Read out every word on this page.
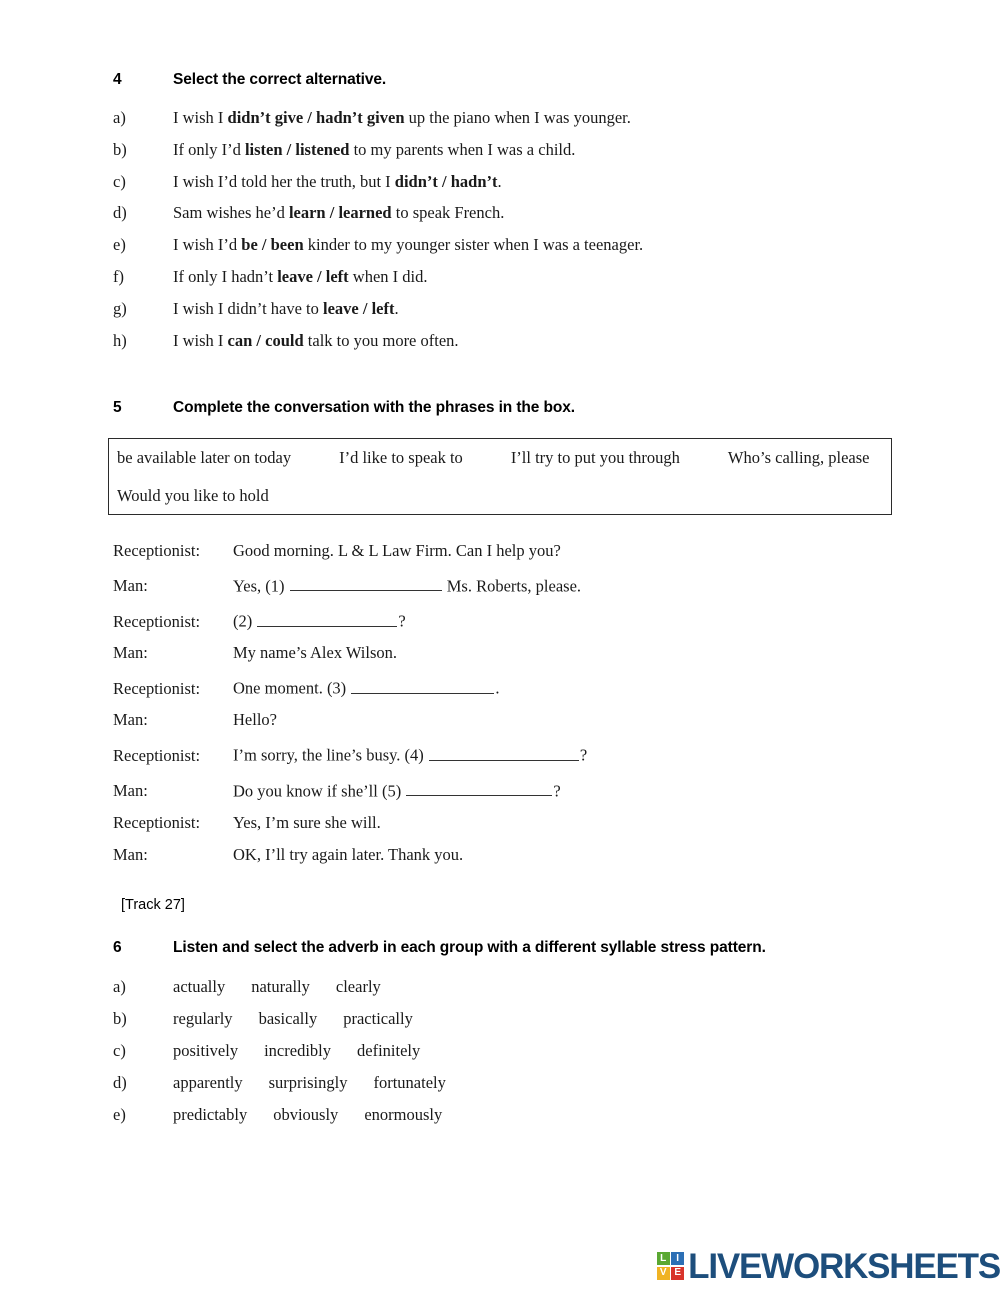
4	Select the correct alternative.
a)	I wish I didn’t give / hadn’t given up the piano when I was younger.
b)	If only I’d listen / listened to my parents when I was a child.
c)	I wish I’d told her the truth, but I didn’t / hadn’t.
d)	Sam wishes he’d learn / learned to speak French.
e)	I wish I’d be / been kinder to my younger sister when I was a teenager.
f)	If only I hadn’t leave / left when I did.
g)	I wish I didn’t have to leave / left.
h)	I wish I can / could talk to you more often.
5	Complete the conversation with the phrases in the box.
be available later on today	I’d like to speak to	I’ll try to put you through	Who’s calling, please
Would you like to hold
Receptionist:	Good morning. L & L Law Firm. Can I help you?
Man:	Yes, (1)	Ms. Roberts, please.
Receptionist:	(2)	?
Man:	My name’s Alex Wilson.
Receptionist:	One moment. (3)	.
Man:	Hello?
Receptionist:	I’m sorry, the line’s busy. (4)	?
Man:	Do you know if she’ll (5)	?
Receptionist:	Yes, I’m sure she will.
Man:	OK, I’ll try again later. Thank you.
[Track 27]
6	Listen and select the adverb in each group with a different syllable stress pattern.
a)	actually naturally clearly
b)	regularly basically practically
c)	positively incredibly definitely
d)	apparently surprisingly fortunately
e)	predictably obviously enormously
L	I
V E LIVEWORKSHEETS
